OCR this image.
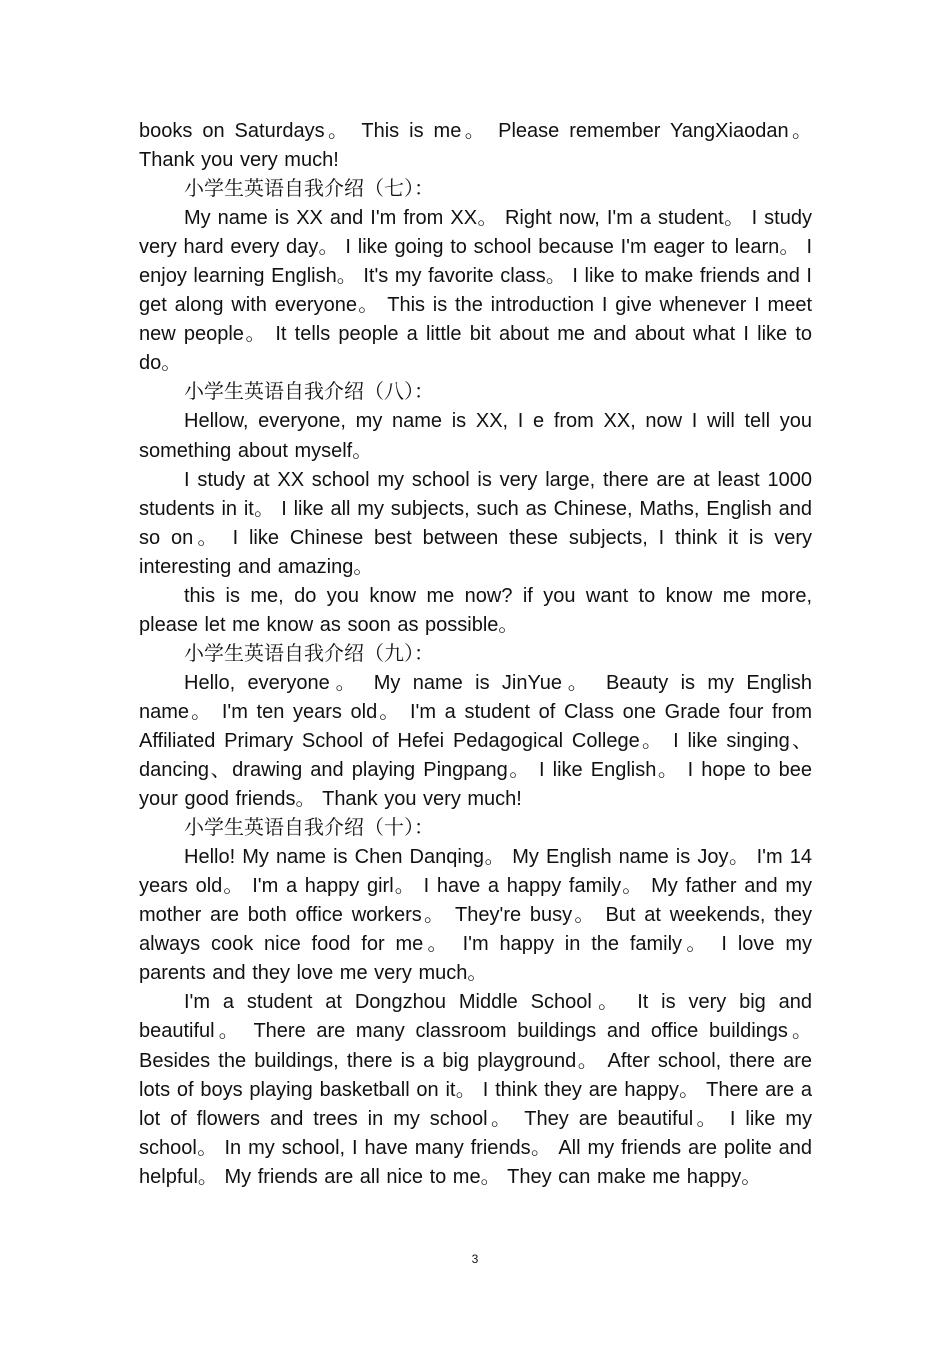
books on Saturdays。 This is me。 Please remember YangXiaodan。 Thank you very much!

小学生英语自我介绍（七）：

My name is XX and I'm from XX。 Right now, I'm a student。 I study very hard every day。 I like going to school because I'm eager to learn。 I enjoy learning English。 It's my favorite class。 I like to make friends and I get along with everyone。 This is the introduction I give whenever I meet new people。 It tells people a little bit about me and about what I like to do。

小学生英语自我介绍（八）：

Hellow, everyone, my name is XX, I e from XX, now I will tell you something about myself。

I study at XX school my school is very large, there are at least 1000 students in it。 I like all my subjects, such as Chinese, Maths, English and so on。 I like Chinese best between these subjects, I think it is very interesting and amazing。

this is me, do you know me now? if you want to know me more, please let me know as soon as possible。

小学生英语自我介绍（九）：

Hello, everyone。 My name is JinYue。 Beauty is my English name。 I'm ten years old。 I'm a student of Class one Grade four from Affiliated Primary School of Hefei Pedagogical College。 I like singing、dancing、drawing and playing Pingpang。 I like English。 I hope to bee your good friends。 Thank you very much!

小学生英语自我介绍（十）：

Hello! My name is Chen Danqing。 My English name is Joy。 I'm 14 years old。 I'm a happy girl。 I have a happy family。 My father and my mother are both office workers。 They're busy。 But at weekends, they always cook nice food for me。 I'm happy in the family。 I love my parents and they love me very much。

I'm a student at Dongzhou Middle School。 It is very big and beautiful。 There are many classroom buildings and office buildings。 Besides the buildings, there is a big playground。 After school, there are lots of boys playing basketball on it。 I think they are happy。 There are a lot of flowers and trees in my school。 They are beautiful。 I like my school。 In my school, I have many friends。 All my friends are polite and helpful。 My friends are all nice to me。 They can make me happy。

3
